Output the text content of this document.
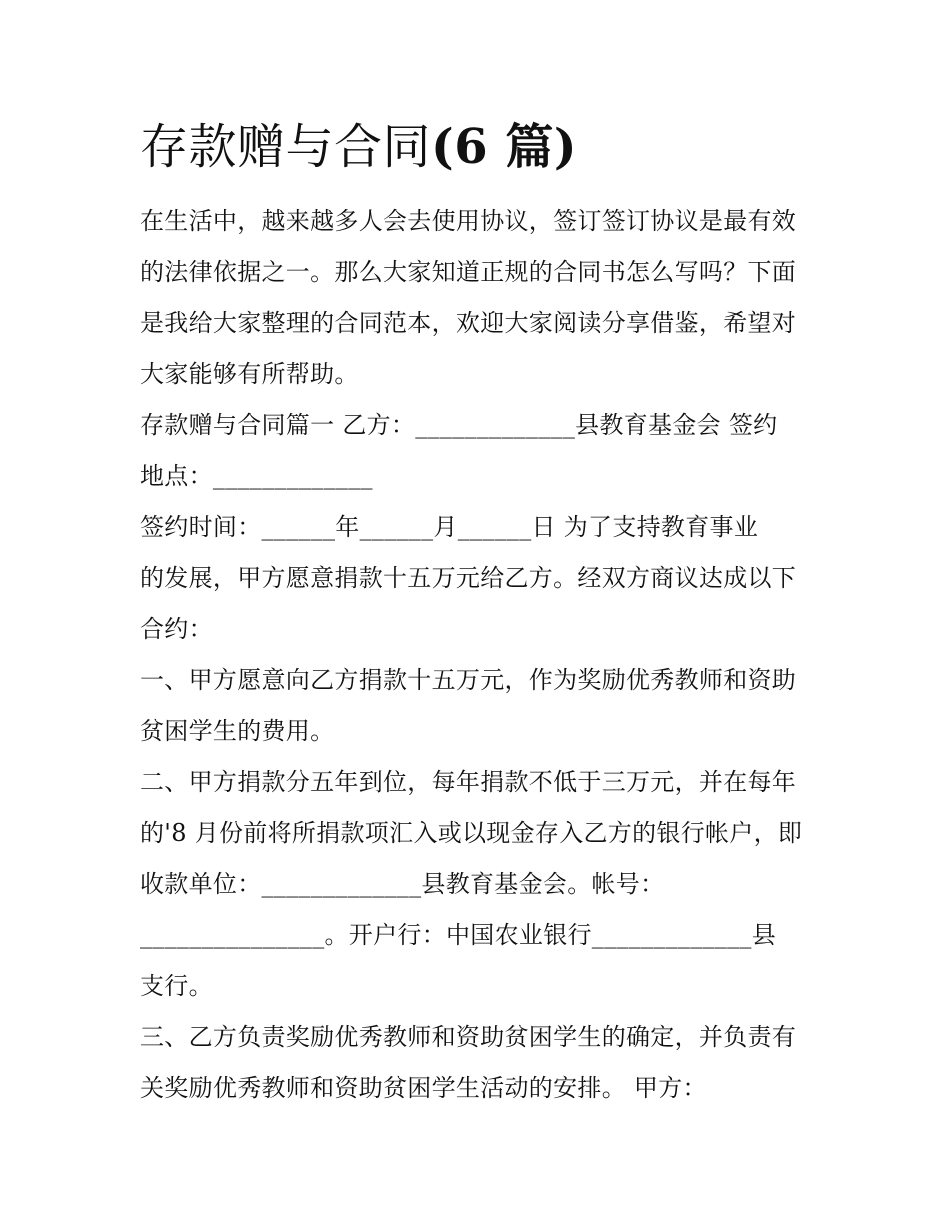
存款赠与合同(6 篇)
在生活中，越来越多人会去使用协议，签订签订协议是最有效
的法律依据之一。那么大家知道正规的合同书怎么写吗？下面
是我给大家整理的合同范本，欢迎大家阅读分享借鉴，希望对
大家能够有所帮助。
存款赠与合同篇一 乙方：_____________县教育基金会 签约
地点：_____________
签约时间：______年______月______日 为了支持教育事业
的发展，甲方愿意捐款十五万元给乙方。经双方商议达成以下
合约：
一、甲方愿意向乙方捐款十五万元，作为奖励优秀教师和资助
贫困学生的费用。
二、甲方捐款分五年到位，每年捐款不低于三万元，并在每年
的'8 月份前将所捐款项汇入或以现金存入乙方的银行帐户，即
收款单位：_____________县教育基金会。帐号：
_______________。开户行：中国农业银行_____________县
支行。
三、乙方负责奖励优秀教师和资助贫困学生的确定，并负责有
关奖励优秀教师和资助贫困学生活动的安排。 甲方：
